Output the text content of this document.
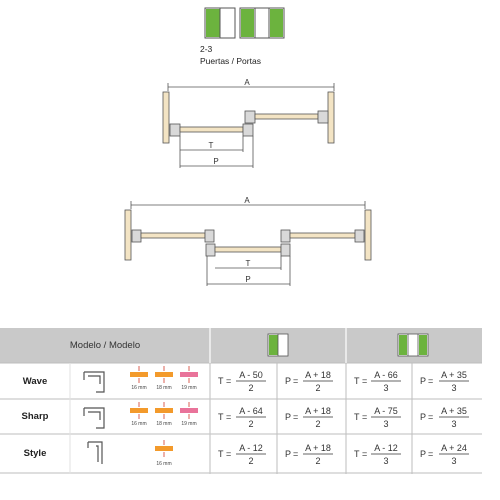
2-3
Puertas / Portas
A
T
P
A
T
P
Modelo / Modelo
16 mm 18 mm 19 mm
16 mm 18 mm 19 mm
16 mm
T =
A - 50
2
P =
A + 18
2
T =
A - 66
3
P =
A + 35
3
T =
A - 64
2
P =
A + 18
2
T =
A - 75
3
P =
A + 35
3
T =
A - 12
2
P =
A + 18
2
T =
A - 12
3
P =
A + 24
3
Wave
Sharp
Style
